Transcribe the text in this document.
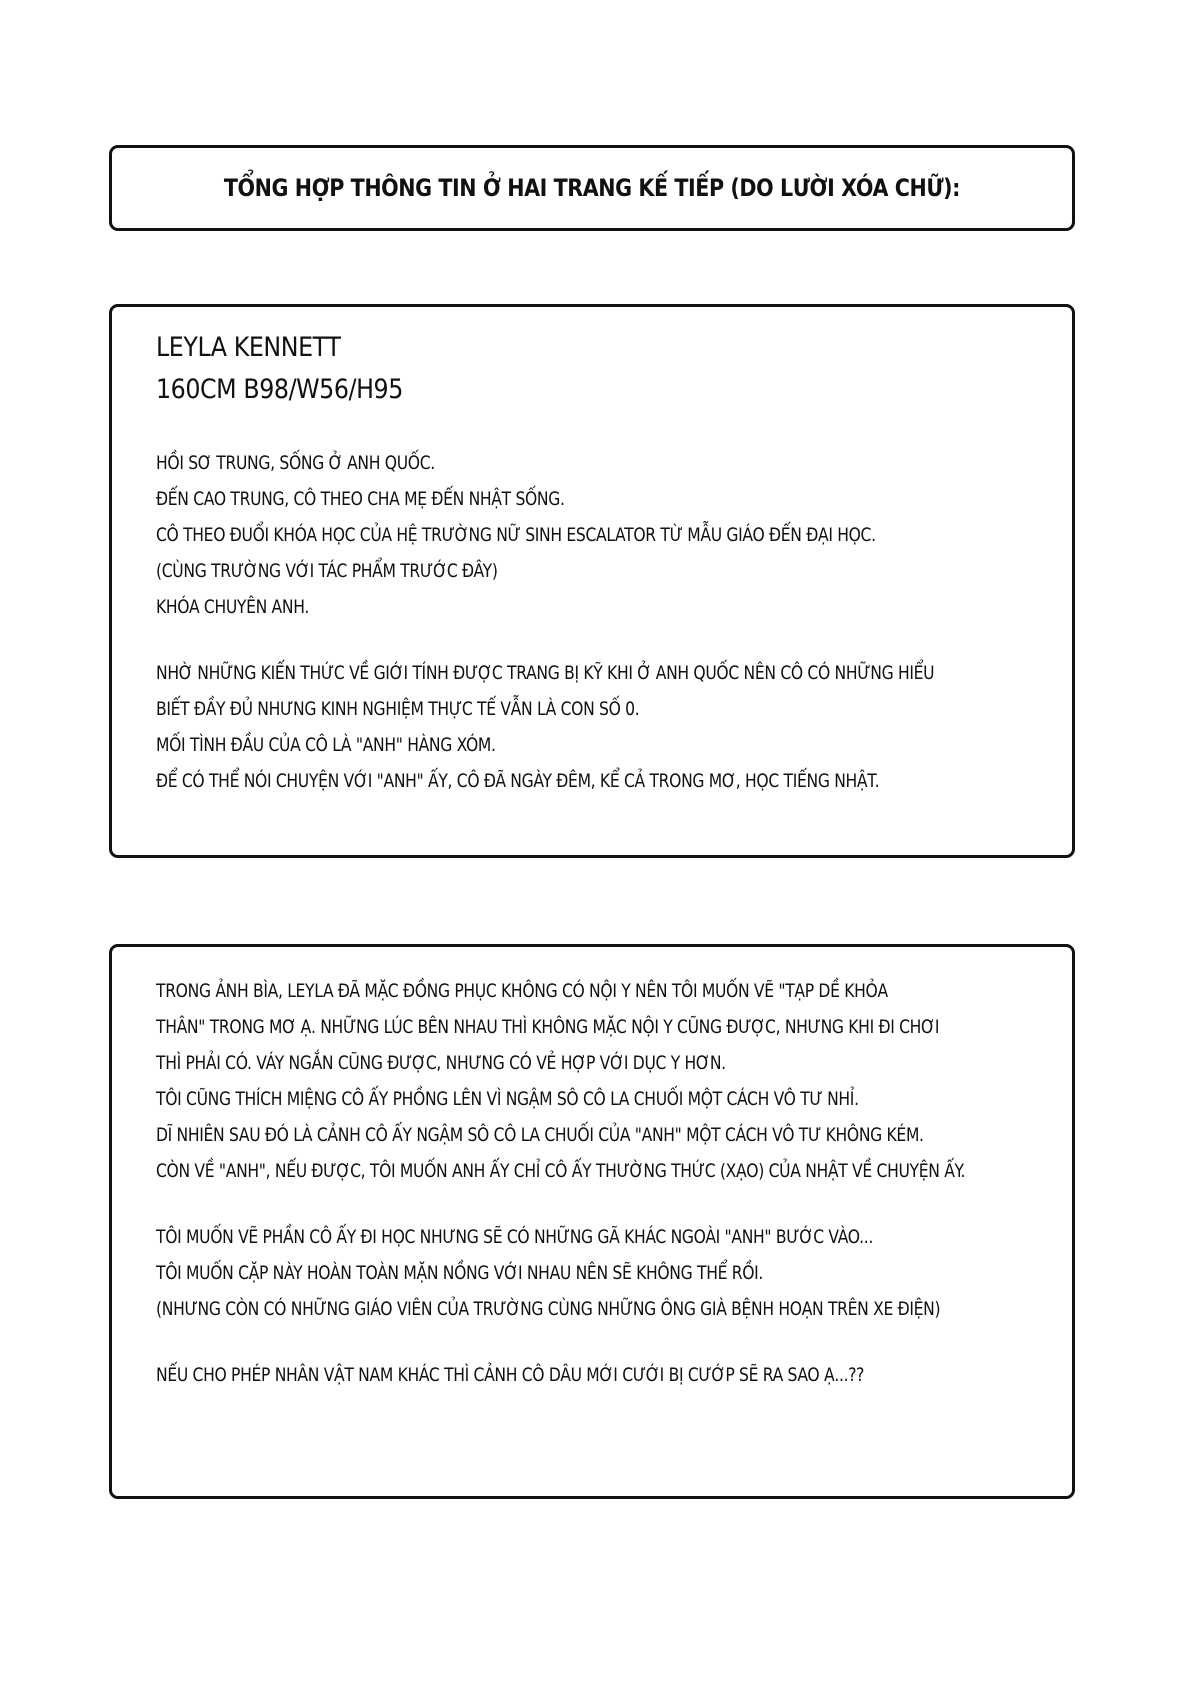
TỔNG HỢP THÔNG TIN Ở HAI TRANG KẾ TIẾP (DO LƯỜI XÓA CHỮ):
LEYLA KENNETT
160CM B98/W56/H95
HỒI SƠ TRUNG, SỐNG Ở ANH QUỐC.
ĐẾN CAO TRUNG, CÔ THEO CHA MẸ ĐẾN NHẬT SỐNG.
CÔ THEO ĐUỔI KHÓA HỌC CỦA HỆ TRƯỜNG NỮ SINH ESCALATOR TỪ MẪU GIÁO ĐẾN ĐẠI HỌC.
(CÙNG TRƯỜNG VỚI TÁC PHẨM TRƯỚC ĐÂY)
KHÓA CHUYÊN ANH.
NHỜ NHỮNG KIẾN THỨC VỀ GIỚI TÍNH ĐƯỢC TRANG BỊ KỸ KHI Ở ANH QUỐC NÊN CÔ CÓ NHỮNG HIỂU
BIẾT ĐẦY ĐỦ NHƯNG KINH NGHIỆM THỰC TẾ VẪN LÀ CON SỐ 0.
MỐI TÌNH ĐẦU CỦA CÔ LÀ "ANH" HÀNG XÓM.
ĐỂ CÓ THỂ NÓI CHUYỆN VỚI "ANH" ẤY, CÔ ĐÃ NGÀY ĐÊM, KỂ CẢ TRONG MƠ, HỌC TIẾNG NHẬT.
TRONG ẢNH BÌA, LEYLA ĐÃ MẶC ĐỒNG PHỤC KHÔNG CÓ NỘI Y NÊN TÔI MUỐN VẼ "TẠP DỀ KHỎA
THÂN" TRONG MƠ Ạ. NHỮNG LÚC BÊN NHAU THÌ KHÔNG MẶC NỘI Y CŨNG ĐƯỢC, NHƯNG KHI ĐI CHƠI
THÌ PHẢI CÓ. VÁY NGẮN CŨNG ĐƯỢC, NHƯNG CÓ VẺ HỢP VỚI DỤC Y HƠN.
TÔI CŨNG THÍCH MIỆNG CÔ ẤY PHỒNG LÊN VÌ NGẬM SÔ CÔ LA CHUỐI MỘT CÁCH VÔ TƯ NHỈ.
DĨ NHIÊN SAU ĐÓ LÀ CẢNH CÔ ẤY NGẬM SÔ CÔ LA CHUỐI CỦA "ANH" MỘT CÁCH VÔ TƯ KHÔNG KÉM.
CÒN VỀ "ANH", NẾU ĐƯỢC, TÔI MUỐN ANH ẤY CHỈ CÔ ẤY THƯỜNG THỨC (XẠO) CỦA NHẬT VỀ CHUYỆN ẤY.
TÔI MUỐN VẼ PHẦN CÔ ẤY ĐI HỌC NHƯNG SẼ CÓ NHỮNG GÃ KHÁC NGOÀI "ANH" BƯỚC VÀO...
TÔI MUỐN CẶP NÀY HOÀN TOÀN MẶN NỒNG VỚI NHAU NÊN SẼ KHÔNG THỂ RỒI.
(NHƯNG CÒN CÓ NHỮNG GIÁO VIÊN CỦA TRƯỜNG CÙNG NHỮNG ÔNG GIÀ BỆNH HOẠN TRÊN XE ĐIỆN)
NẾU CHO PHÉP NHÂN VẬT NAM KHÁC THÌ CẢNH CÔ DÂU MỚI CƯỚI BỊ CƯỚP SẼ RA SAO Ạ...??
